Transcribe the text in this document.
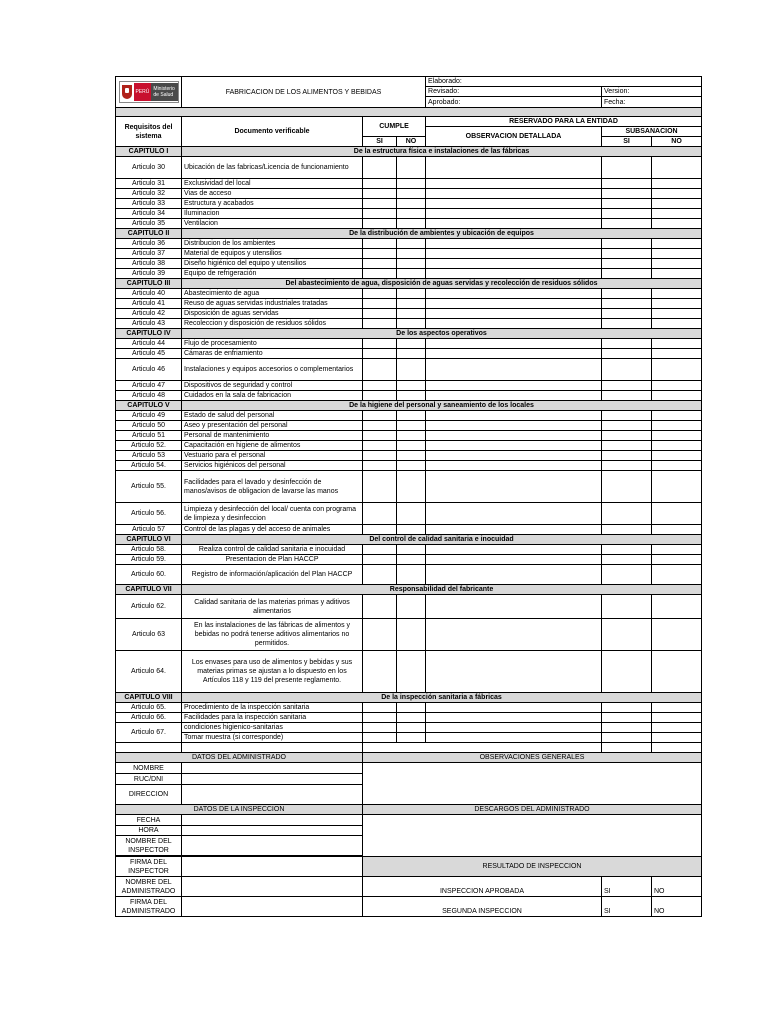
PERÚ Ministerio de Salud	FABRICACION DE LOS ALIMENTOS Y BEBIDAS			Elaborado:		
				Revisado:	Version:	
				Aprobado:	Fecha:	

Requisitos del sistema	Documento verificable	CUMPLE		RESERVADO PARA LA ENTIDAD		
				OBSERVACION DETALLADA	SUBSANACION	
		SI	NO		SI	NO
CAPITULO I	De la estructura física e instalaciones de las fábricas					
Articulo 30	Ubicación de las fabricas/Licencia de funcionamiento					
Articulo 31	Exclusividad del local					
Articulo 32	Vias de acceso					
Articulo 33	Estructura y acabados					
Articulo 34	Iluminacion					
Articulo 35	Ventilacion					
CAPITULO II	De la distribución de ambientes y ubicación de equipos					
Articulo 36	Distribucion de los ambientes					
Articulo 37	Material de equipos y utensilios					
Articulo 38	Diseño higiénico del equipo y utensilios					
Articulo 39	Equipo de refrigeración					
CAPITULO III	Del abastecimiento de agua, disposición de aguas servidas y recolección de residuos sólidos					
Articulo 40	Abastecimiento de agua					
Articulo 41	Reuso de aguas servidas industriales tratadas					
Articulo 42	Disposición de aguas servidas					
Articulo 43	Recoleccion y disposición de residuos sólidos					
CAPITULO IV	De los aspectos operativos					
Articulo 44	Flujo de procesamiento					
Articulo 45	Cámaras de enfriamiento					
Articulo 46	Instalaciones y equipos accesorios o complementarios					
Articulo 47	Dispositivos de seguridad y control					
Articulo 48	Cuidados en la sala de fabricacion					
CAPITULO V	De la higiene del personal y saneamiento de los locales					
Articulo 49	Estado de salud del personal					
Articulo 50	Aseo y presentación del personal					
Articulo 51	Personal de mantenimiento					
Articulo 52.	Capacitación en higiene de alimentos					
Articulo 53	Vestuario para el personal					
Articulo 54.	Servicios higiénicos del personal					
Articulo 55.	Facilidades para el lavado y desinfección de manos/avisos de obligacion de lavarse las manos					
Articulo 56.	Limpieza y desinfección del local/ cuenta con programa de limpieza y desinfeccion					
Articulo 57	Control de las plagas y del acceso de animales					
CAPITULO VI	Del control de calidad sanitaria e inocuidad					
Articulo 58.	Realiza control de calidad sanitaria e inocuidad					
Articulo 59.	Presentacion de Plan HACCP					
Articulo 60.	Registro de información/aplicación del Plan HACCP					
CAPITULO VII	Responsabilidad del fabricante					
Articulo 62.	Calidad sanitaria de las materias primas y aditivos alimentarios					
Articulo 63	En las instalaciones de las fábricas de alimentos y bebidas no podrá tenerse aditivos alimentarios no permitidos.					
Articulo 64.	Los envases para uso de alimentos y bebidas y sus materias primas se ajustan a lo dispuesto en los Artículos 118 y 119 del presente reglamento.					
CAPITULO VIII	De la inspección sanitaria a fábricas					
Articulo 65.	Procedimiento de la inspección sanitaria					
Articulo 66.	Facilidades para la inspección sanitaria					
Articulo 67.	condiciones higienico-sanitarias					
	Tomar muestra (si corresponde)					

DATOS DEL ADMINISTRADO		OBSERVACIONES GENERALES		
NOMBRE				
RUC/DNI				
DIRECCION				
DATOS DE LA INSPECCION		DESCARGOS DEL ADMINISTRADO		
FECHA				
HORA				
NOMBRE DEL INSPECTOR				

FIRMA DEL INSPECTOR		RESULTADO DE INSPECCION		
NOMBRE DEL ADMINISTRADO		INSPECCION APROBADA	SI	NO
FIRMA DEL ADMINISTRADO		SEGUNDA INSPECCION	SI	NO
